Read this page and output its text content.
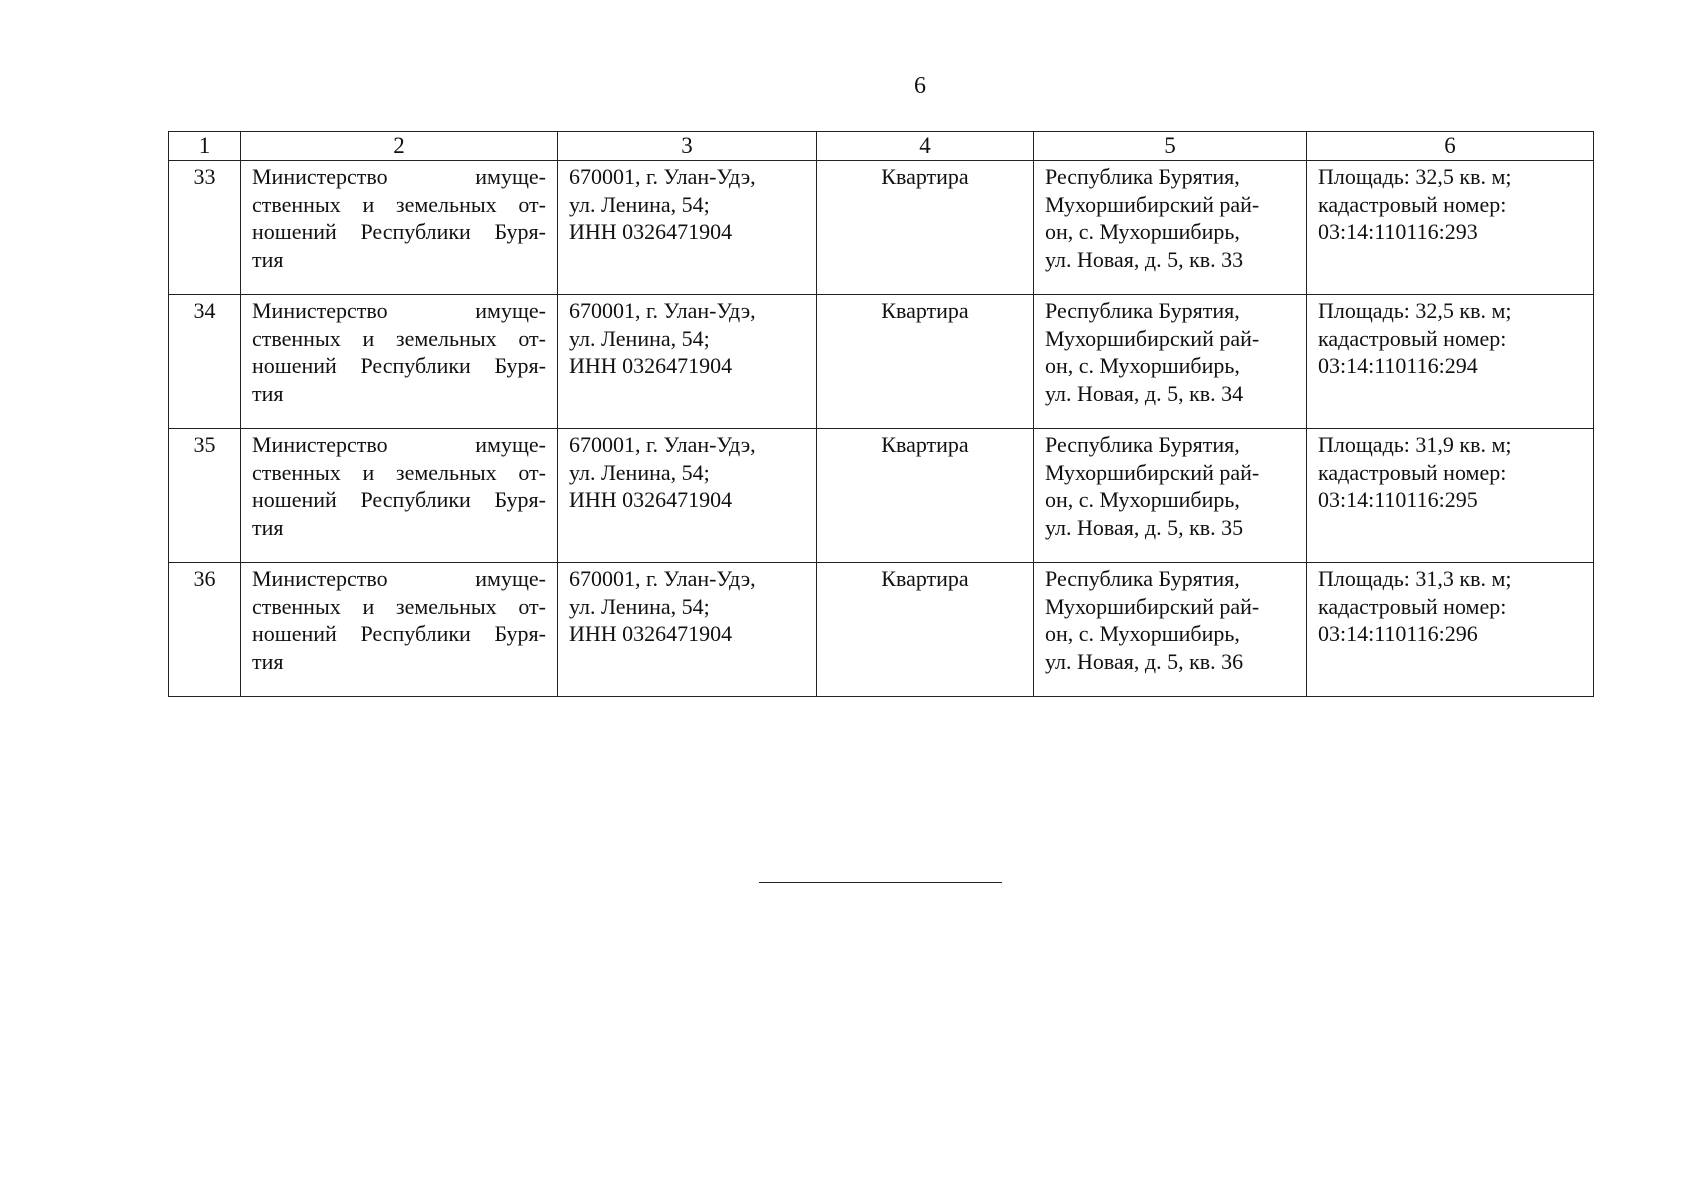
6
1	2	3	4	5	6
33	Министерство имуще-
ственных и земельных от-
ношений Республики Буря-
тия	670001, г. Улан-Удэ,
ул. Ленина, 54;
ИНН 0326471904	Квартира	Республика Бурятия,
Мухоршибирский рай-
он, с. Мухоршибирь,
ул. Новая, д. 5, кв. 33	Площадь: 32,5 кв. м;
кадастровый номер:
03:14:110116:293

34	Министерство имуще-
ственных и земельных от-
ношений Республики Буря-
тия	670001, г. Улан-Удэ,
ул. Ленина, 54;
ИНН 0326471904	Квартира	Республика Бурятия,
Мухоршибирский рай-
он, с. Мухоршибирь,
ул. Новая, д. 5, кв. 34	Площадь: 32,5 кв. м;
кадастровый номер:
03:14:110116:294

35	Министерство имуще-
ственных и земельных от-
ношений Республики Буря-
тия	670001, г. Улан-Удэ,
ул. Ленина, 54;
ИНН 0326471904	Квартира	Республика Бурятия,
Мухоршибирский рай-
он, с. Мухоршибирь,
ул. Новая, д. 5, кв. 35	Площадь: 31,9 кв. м;
кадастровый номер:
03:14:110116:295

36	Министерство имуще-
ственных и земельных от-
ношений Республики Буря-
тия	670001, г. Улан-Удэ,
ул. Ленина, 54;
ИНН 0326471904	Квартира	Республика Бурятия,
Мухоршибирский рай-
он, с. Мухоршибирь,
ул. Новая, д. 5, кв. 36	Площадь: 31,3 кв. м;
кадастровый номер:
03:14:110116:296
